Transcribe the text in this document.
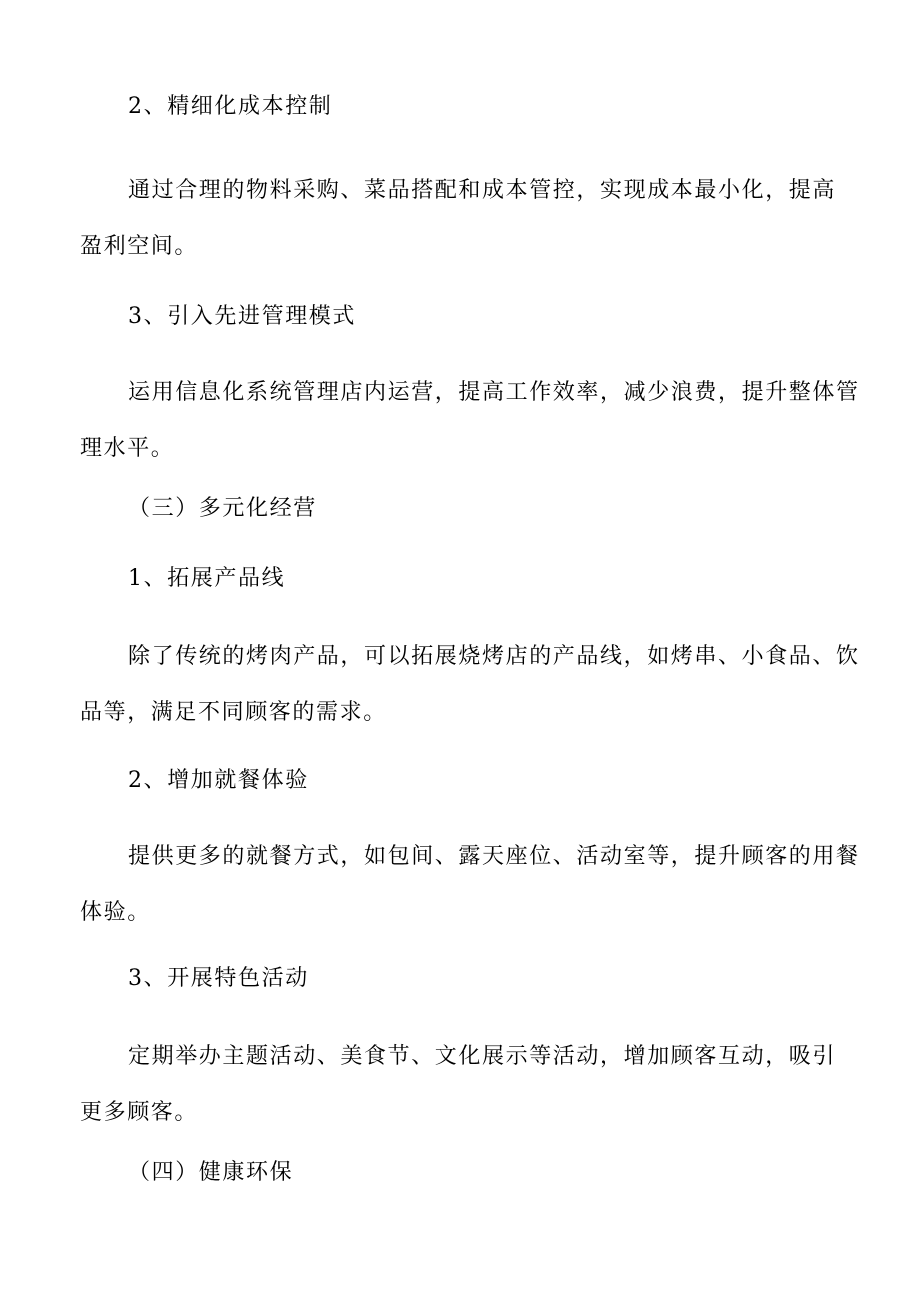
2、精细化成本控制
通过合理的物料采购、菜品搭配和成本管控，实现成本最小化，提高
盈利空间。
3、引入先进管理模式
运用信息化系统管理店内运营，提高工作效率，减少浪费，提升整体管
理水平。
（三）多元化经营
1、拓展产品线
除了传统的烤肉产品，可以拓展烧烤店的产品线，如烤串、小食品、饮
品等，满足不同顾客的需求。
2、增加就餐体验
提供更多的就餐方式，如包间、露天座位、活动室等，提升顾客的用餐
体验。
3、开展特色活动
定期举办主题活动、美食节、文化展示等活动，增加顾客互动，吸引
更多顾客。
（四）健康环保
